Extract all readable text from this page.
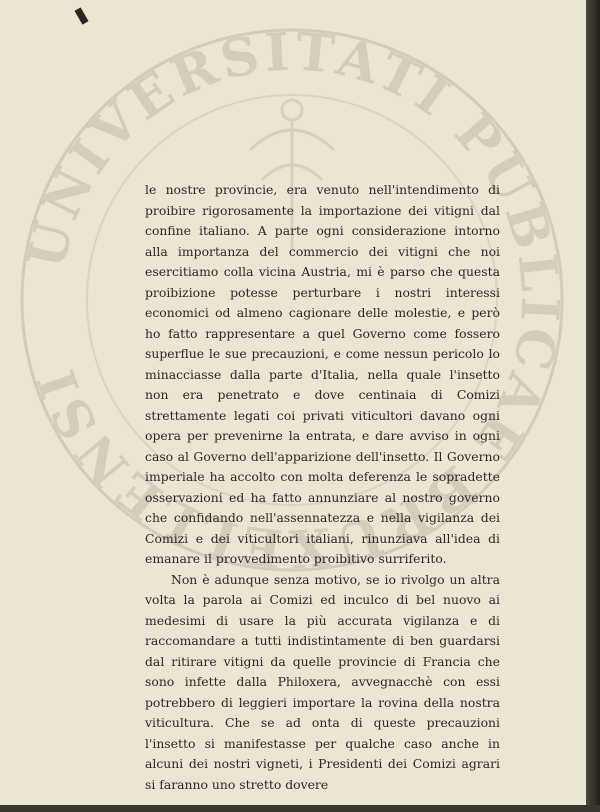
UNIVERSITATI PUBLICAE BRUXELLENSI

le nostre provincie, era venuto nell'intendimento di proibire rigorosamente la importazione dei vitigni dal confine italiano. A parte ogni considerazione intorno alla importanza del commercio dei vitigni che noi esercitiamo colla vicina Austria, mi è parso che questa proibizione potesse perturbare i nostri interessi economici od almeno cagionare delle molestie, e però ho fatto rappresentare a quel Governo come fossero superflue le sue precauzioni, e come nessun pericolo lo minacciasse dalla parte d'Italia, nella quale l'insetto non era penetrato e dove centinaia di Comizi strettamente legati coi privati viticultori davano ogni opera per prevenirne la entrata, e dare avviso in ogni caso al Governo dell'apparizione dell'insetto. Il Governo imperiale ha accolto con molta deferenza le sopradette osservazioni ed ha fatto annunziare al nostro governo che confidando nell'assennatezza e nella vigilanza dei Comizi e dei viticultori italiani, rinunziava all'idea di emanare il provvedimento proibitivo surriferito.

Non è adunque senza motivo, se io rivolgo un altra volta la parola ai Comizi ed inculco di bel nuovo ai medesimi di usare la più accurata vigilanza e di raccomandare a tutti indistintamente di ben guardarsi dal ritirare vitigni da quelle provincie di Francia che sono infette dalla Philoxera, avvegnacchè con essi potrebbero di leggieri importare la rovina della nostra viticultura. Che se ad onta di queste precauzioni l'insetto si manifestasse per qualche caso anche in alcuni dei nostri vigneti, i Presidenti dei Comizi agrari si faranno uno stretto dovere
